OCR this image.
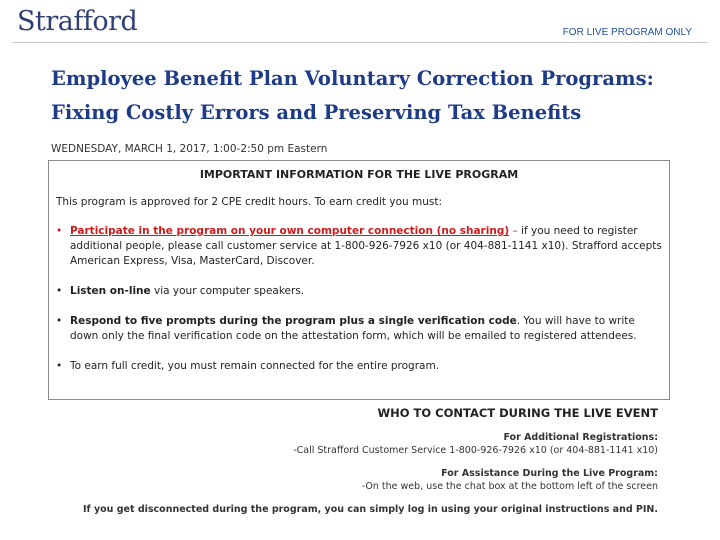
Strafford	FOR LIVE PROGRAM ONLY
Employee Benefit Plan Voluntary Correction Programs:
Fixing Costly Errors and Preserving Tax Benefits
WEDNESDAY, MARCH 1, 2017, 1:00-2:50 pm Eastern
IMPORTANT INFORMATION FOR THE LIVE PROGRAM
This program is approved for 2 CPE credit hours. To earn credit you must:
• Participate in the program on your own computer connection (no sharing) – if you need to register additional people, please call customer service at 1-800-926-7926 x10 (or 404-881-1141 x10). Strafford accepts American Express, Visa, MasterCard, Discover.
• Listen on-line via your computer speakers.
• Respond to five prompts during the program plus a single verification code. You will have to write down only the final verification code on the attestation form, which will be emailed to registered attendees.
• To earn full credit, you must remain connected for the entire program.
WHO TO CONTACT DURING THE LIVE EVENT
For Additional Registrations:
-Call Strafford Customer Service 1-800-926-7926 x10 (or 404-881-1141 x10)
For Assistance During the Live Program:
-On the web, use the chat box at the bottom left of the screen
If you get disconnected during the program, you can simply log in using your original instructions and PIN.
